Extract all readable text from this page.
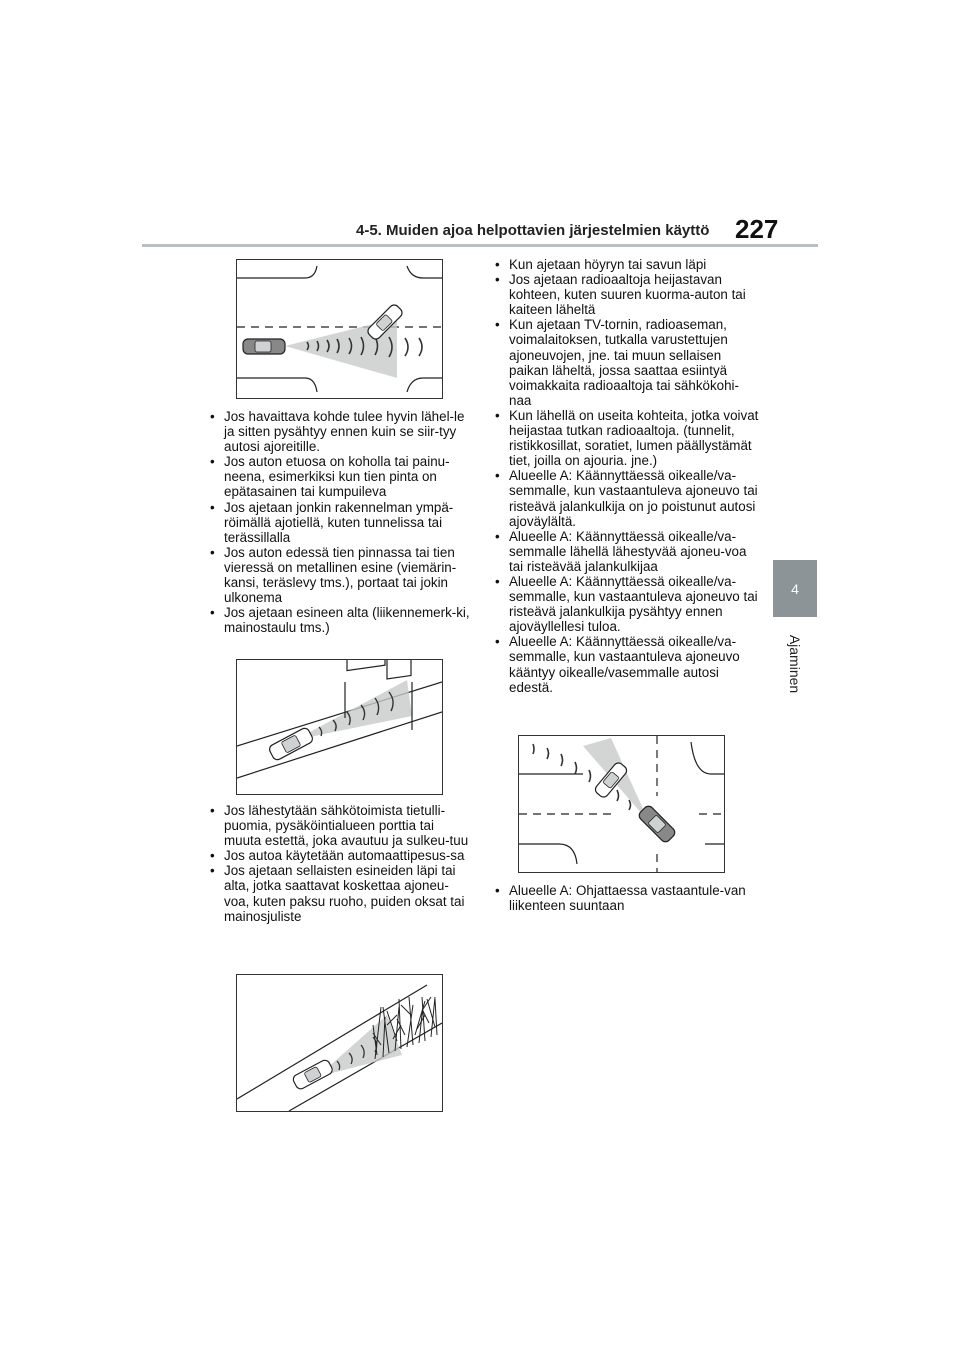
4-5. Muiden ajoa helpottavien järjestelmien käyttö 227
4
Ajaminen
• Jos havaittava kohde tulee hyvin lähel-le ja sitten pysähtyy ennen kuin se siir-tyy autosi ajoreitille.
• Jos auton etuosa on koholla tai painu-neena, esimerkiksi kun tien pinta on epätasainen tai kumpuileva
• Jos ajetaan jonkin rakennelman ympä-röimällä ajotiellä, kuten tunnelissa tai terässillalla
• Jos auton edessä tien pinnassa tai tien vieressä on metallinen esine (viemärin-kansi, teräslevy tms.), portaat tai jokin ulkonema
• Jos ajetaan esineen alta (liikennemerk-ki, mainostaulu tms.)
• Jos lähestytään sähkötoimista tietulli-puomia, pysäköintialueen porttia tai muuta estettä, joka avautuu ja sulkeu-tuu
• Jos autoa käytetään automaattipesus-sa
• Jos ajetaan sellaisten esineiden läpi tai alta, jotka saattavat koskettaa ajoneu-voa, kuten paksu ruoho, puiden oksat tai mainosjuliste
• Kun ajetaan höyryn tai savun läpi
• Jos ajetaan radioaaltoja heijastavan kohteen, kuten suuren kuorma-auton tai kaiteen läheltä
• Kun ajetaan TV-tornin, radioaseman, voimalaitoksen, tutkalla varustettujen ajoneuvojen, jne. tai muun sellaisen paikan läheltä, jossa saattaa esiintyä voimakkaita radioaaltoja tai sähkökohi-naa
• Kun lähellä on useita kohteita, jotka voivat heijastaa tutkan radioaaltoja. (tunnelit, ristikkosillat, soratiet, lumen päällystämät tiet, joilla on ajouria. jne.)
• Alueelle A: Käännyttäessä oikealle/va-semmalle, kun vastaantuleva ajoneuvo tai risteävä jalankulkija on jo poistunut autosi ajoväylältä.
• Alueelle A: Käännyttäessä oikealle/va-semmalle lähellä lähestyvää ajoneu-voa tai risteävää jalankulkijaa
• Alueelle A: Käännyttäessä oikealle/va-semmalle, kun vastaantuleva ajoneuvo tai risteävä jalankulkija pysähtyy ennen ajoväyllellesi tuloa.
• Alueelle A: Käännyttäessä oikealle/va-semmalle, kun vastaantuleva ajoneuvo kääntyy oikealle/vasemmalle autosi edestä.
• Alueelle A: Ohjattaessa vastaantule-van liikenteen suuntaan
